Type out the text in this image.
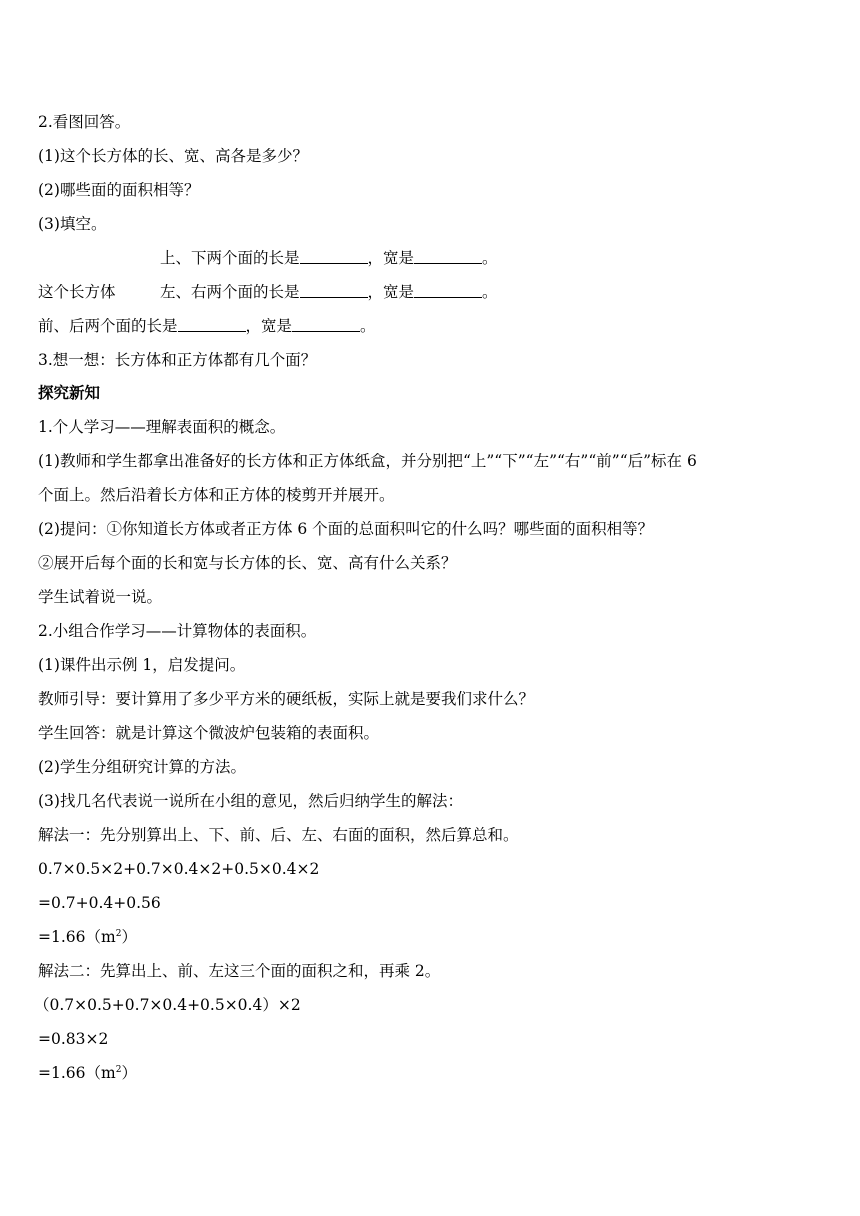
2.看图回答。
(1)这个长方体的长、宽、高各是多少？
(2)哪些面的面积相等？
(3)填空。
上、下两个面的长是	，宽是	。
这个长方体	左、右两个面的长是	，宽是	。
前、后两个面的长是	，宽是	。
3.想一想：长方体和正方体都有几个面？
探究新知
1.个人学习——理解表面积的概念。
(1)教师和学生都拿出准备好的长方体和正方体纸盒，并分别把“上”“下”“左”“右”“前”“后”标在 6
个面上。然后沿着长方体和正方体的棱剪开并展开。
(2)提问：①你知道长方体或者正方体 6 个面的总面积叫它的什么吗？哪些面的面积相等？
②展开后每个面的长和宽与长方体的长、宽、高有什么关系？
学生试着说一说。
2.小组合作学习——计算物体的表面积。
(1)课件出示例 1，启发提问。
教师引导：要计算用了多少平方米的硬纸板，实际上就是要我们求什么？
学生回答：就是计算这个微波炉包装箱的表面积。
(2)学生分组研究计算的方法。
(3)找几名代表说一说所在小组的意见，然后归纳学生的解法：
解法一：先分别算出上、下、前、后、左、右面的面积，然后算总和。
0.7×0.5×2+0.7×0.4×2+0.5×0.4×2
=0.7+0.4+0.56
$=1.66(m^2)$
解法二：先算出上、前、左这三个面的面积之和，再乘 2。
（0.7×0.5+0.7×0.4+0.5×0.4）×2
=0.83×2
$=1.66(m^2)$
